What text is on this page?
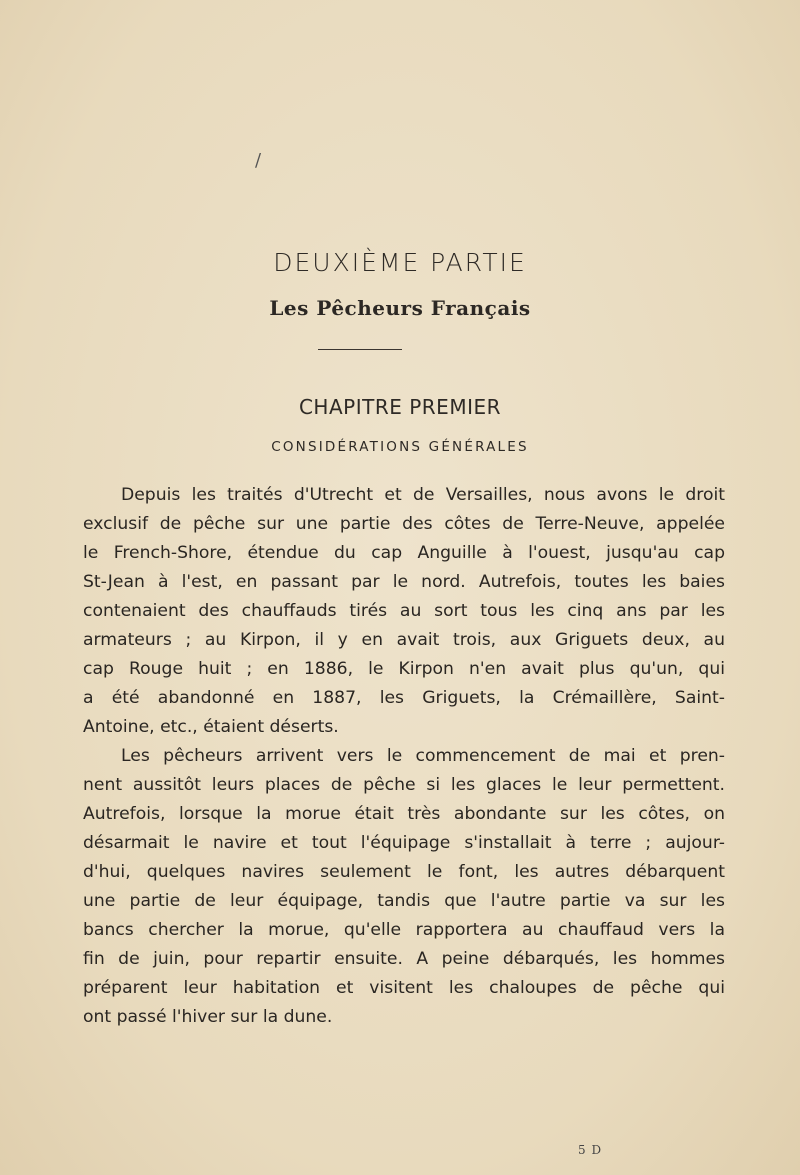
/
DEUXIÈME PARTIE
Les Pêcheurs Français
CHAPITRE PREMIER
CONSIDÉRATIONS GÉNÉRALES
Depuis les traités d'Utrecht et de Versailles, nous avons le droit
exclusif de pêche sur une partie des côtes de Terre-Neuve, appelée
le French-Shore, étendue du cap Anguille à l'ouest, jusqu'au cap
St-Jean à l'est, en passant par le nord. Autrefois, toutes les baies
contenaient des chauffauds tirés au sort tous les cinq ans par les
armateurs ; au Kirpon, il y en avait trois, aux Griguets deux, au
cap Rouge huit ; en 1886, le Kirpon n'en avait plus qu'un, qui
a été abandonné en 1887, les Griguets, la Crémaillère, Saint-
Antoine, etc., étaient déserts.
Les pêcheurs arrivent vers le commencement de mai et pren-
nent aussitôt leurs places de pêche si les glaces le leur permettent.
Autrefois, lorsque la morue était très abondante sur les côtes, on
désarmait le navire et tout l'équipage s'installait à terre ; aujour-
d'hui, quelques navires seulement le font, les autres débarquent
une partie de leur équipage, tandis que l'autre partie va sur les
bancs chercher la morue, qu'elle rapportera au chauffaud vers la
fin de juin, pour repartir ensuite. A peine débarqués, les hommes
préparent leur habitation et visitent les chaloupes de pêche qui
ont passé l'hiver sur la dune.
5 D
